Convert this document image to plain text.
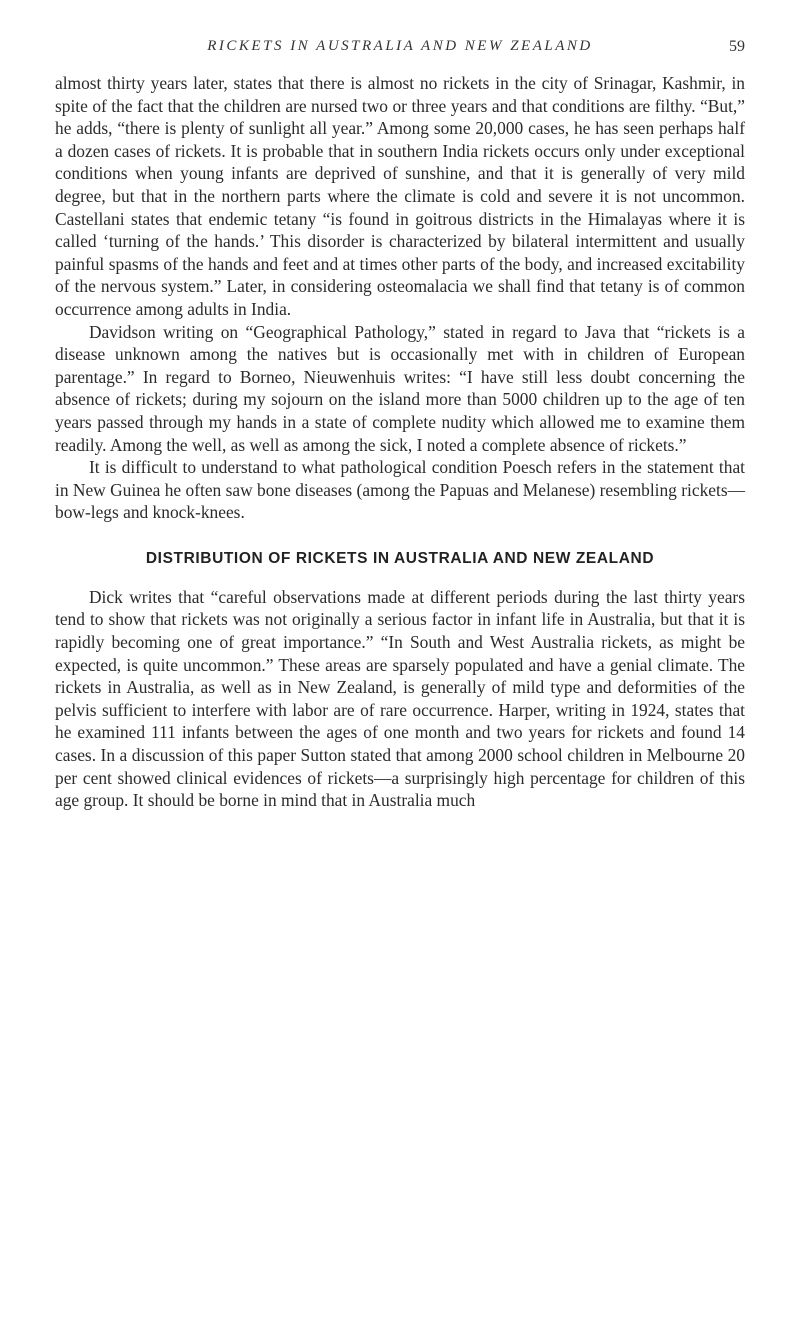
RICKETS IN AUSTRALIA AND NEW ZEALAND	59

almost thirty years later, states that there is almost no rickets in the city of Srinagar, Kashmir, in spite of the fact that the children are nursed two or three years and that conditions are filthy. “But,” he adds, “there is plenty of sunlight all year.” Among some 20,000 cases, he has seen perhaps half a dozen cases of rickets. It is probable that in southern India rickets occurs only under exceptional conditions when young infants are deprived of sunshine, and that it is generally of very mild degree, but that in the northern parts where the climate is cold and severe it is not uncommon. Castellani states that endemic tetany “is found in goitrous districts in the Himalayas where it is called ‘turning of the hands.’ This disorder is characterized by bilateral intermittent and usually painful spasms of the hands and feet and at times other parts of the body, and increased excitability of the nervous system.” Later, in considering osteomalacia we shall find that tetany is of common occurrence among adults in India.

Davidson writing on “Geographical Pathology,” stated in regard to Java that “rickets is a disease unknown among the natives but is occasionally met with in children of European parentage.” In regard to Borneo, Nieuwenhuis writes: “I have still less doubt concerning the absence of rickets; during my sojourn on the island more than 5000 children up to the age of ten years passed through my hands in a state of complete nudity which allowed me to examine them readily. Among the well, as well as among the sick, I noted a complete absence of rickets.”

It is difficult to understand to what pathological condition Poesch refers in the statement that in New Guinea he often saw bone diseases (among the Papuas and Melanese) resembling rickets—bow-legs and knock-knees.

DISTRIBUTION OF RICKETS IN AUSTRALIA AND NEW ZEALAND

Dick writes that “careful observations made at different periods during the last thirty years tend to show that rickets was not originally a serious factor in infant life in Australia, but that it is rapidly becoming one of great importance.” “In South and West Australia rickets, as might be expected, is quite uncommon.” These areas are sparsely populated and have a genial climate. The rickets in Australia, as well as in New Zealand, is generally of mild type and deformities of the pelvis sufficient to interfere with labor are of rare occurrence. Harper, writing in 1924, states that he examined 111 infants between the ages of one month and two years for rickets and found 14 cases. In a discussion of this paper Sutton stated that among 2000 school children in Melbourne 20 per cent showed clinical evidences of rickets—a surprisingly high percentage for children of this age group. It should be borne in mind that in Australia much
